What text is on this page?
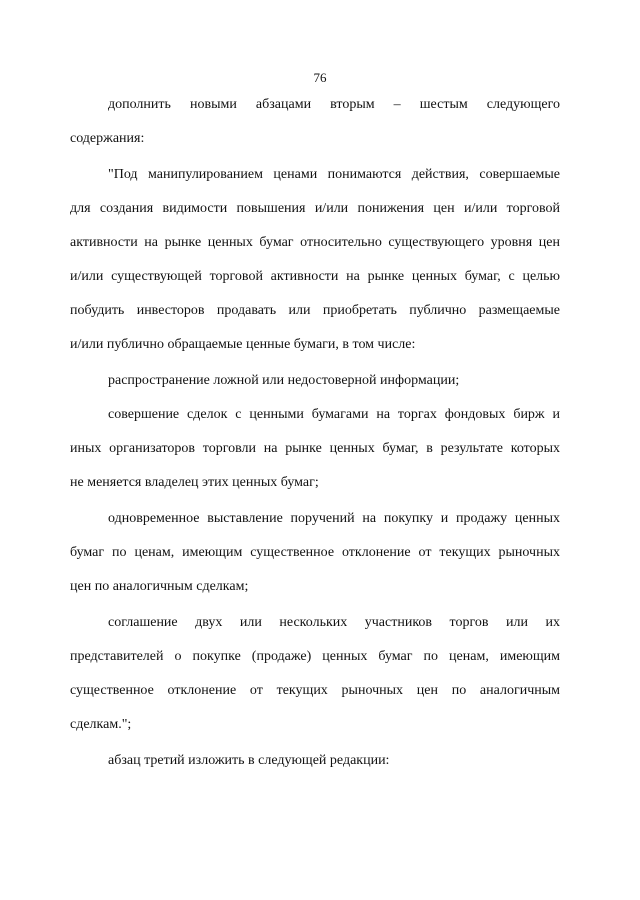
76
дополнить новыми абзацами вторым – шестым следующего
содержания:
"Под манипулированием ценами понимаются действия, совершаемые
для создания видимости повышения и/или понижения цен и/или торговой
активности на рынке ценных бумаг относительно существующего уровня цен
и/или существующей торговой активности на рынке ценных бумаг, с целью
побудить инвесторов продавать или приобретать публично размещаемые
и/или публично обращаемые ценные бумаги, в том числе:
распространение ложной или недостоверной информации;
совершение сделок с ценными бумагами на торгах фондовых бирж и
иных организаторов торговли на рынке ценных бумаг, в результате которых
не меняется владелец этих ценных бумаг;
одновременное выставление поручений на покупку и продажу ценных
бумаг по ценам, имеющим существенное отклонение от текущих рыночных
цен по аналогичным сделкам;
соглашение двух или нескольких участников торгов или их
представителей о покупке (продаже) ценных бумаг по ценам, имеющим
существенное отклонение от текущих рыночных цен по аналогичным
сделкам.";
абзац третий изложить в следующей редакции:
